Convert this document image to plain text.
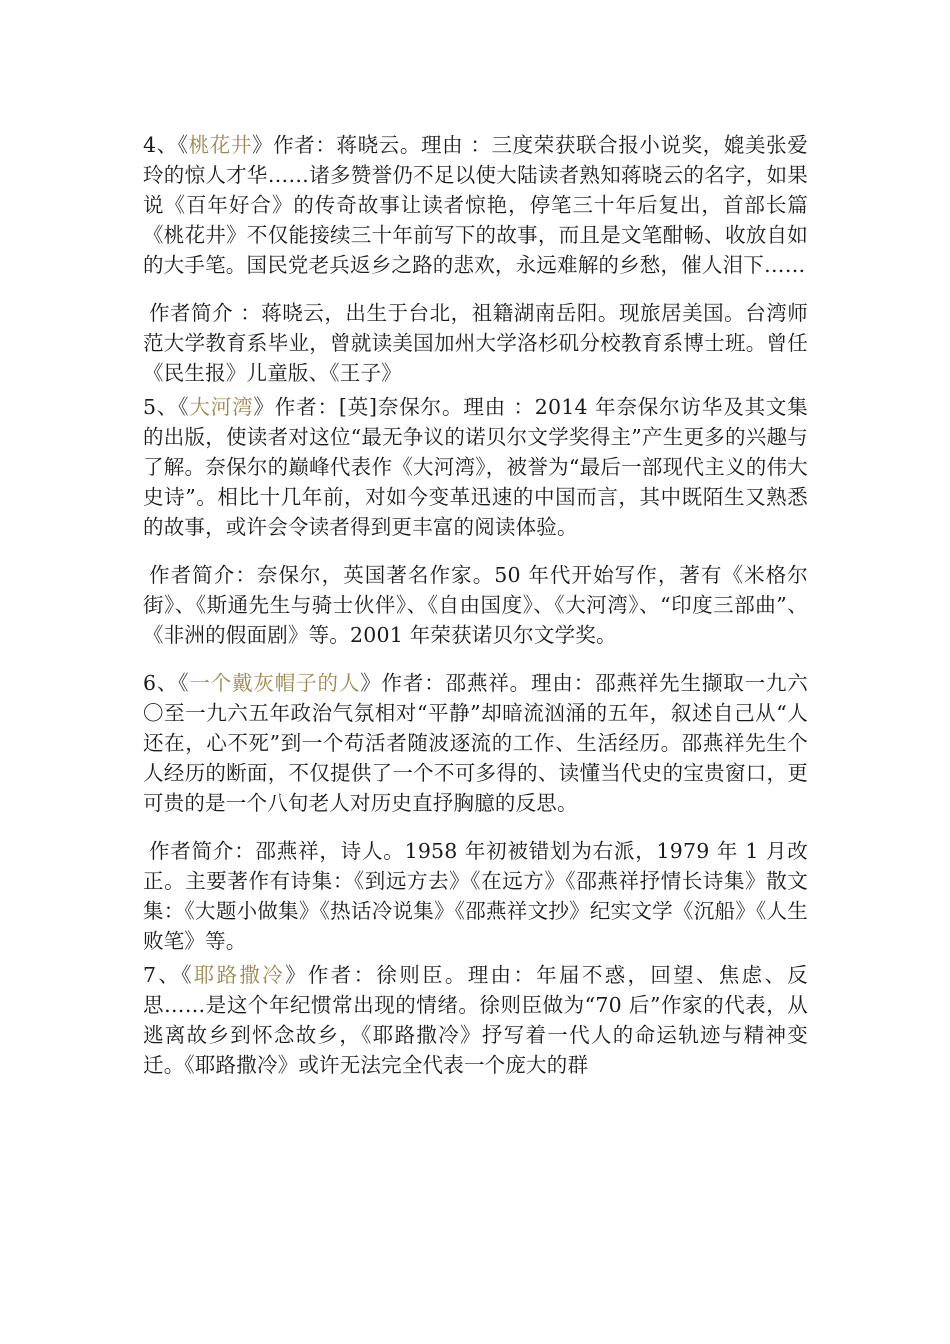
4、《桃花井》作者：蒋晓云。理由 ：三度荣获联合报小说奖，媲美张爱玲的惊人才华……诸多赞誉仍不足以使大陆读者熟知蒋晓云的名字，如果说《百年好合》的传奇故事让读者惊艳，停笔三十年后复出，首部长篇《桃花井》不仅能接续三十年前写下的故事，而且是文笔酣畅、收放自如的大手笔。国民党老兵返乡之路的悲欢，永远难解的乡愁，催人泪下……

作者简介 ：蒋晓云，出生于台北，祖籍湖南岳阳。现旅居美国。台湾师范大学教育系毕业，曾就读美国加州大学洛杉矶分校教育系博士班。曾任《民生报》儿童版、《王子》

5、《大河湾》作者：[英]奈保尔。理由 ：2014 年奈保尔访华及其文集的出版，使读者对这位“最无争议的诺贝尔文学奖得主”产生更多的兴趣与了解。奈保尔的巅峰代表作《大河湾》，被誉为“最后一部现代主义的伟大史诗”。相比十几年前，对如今变革迅速的中国而言，其中既陌生又熟悉的故事，或许会令读者得到更丰富的阅读体验。

作者简介：奈保尔，英国著名作家。50 年代开始写作，著有《米格尔街》、《斯通先生与骑士伙伴》、《自由国度》、《大河湾》、“印度三部曲”、《非洲的假面剧》等。2001 年荣获诺贝尔文学奖。

6、《一个戴灰帽子的人》作者：邵燕祥。理由：邵燕祥先生撷取一九六〇至一九六五年政治气氛相对“平静”却暗流汹涌的五年，叙述自己从“人还在，心不死”到一个苟活者随波逐流的工作、生活经历。邵燕祥先生个人经历的断面，不仅提供了一个不可多得的、读懂当代史的宝贵窗口，更可贵的是一个八旬老人对历史直抒胸臆的反思。

作者简介：邵燕祥，诗人。1958 年初被错划为右派，1979 年 1 月改正。主要著作有诗集：《到远方去》《在远方》《邵燕祥抒情长诗集》散文集：《大题小做集》《热话冷说集》《邵燕祥文抄》纪实文学《沉船》《人生败笔》等。

7、《耶路撒冷》作者：徐则臣。理由：年届不惑，回望、焦虑、反思……是这个年纪惯常出现的情绪。徐则臣做为“70 后”作家的代表，从逃离故乡到怀念故乡，《耶路撒冷》抒写着一代人的命运轨迹与精神变迁。《耶路撒冷》或许无法完全代表一个庞大的群
